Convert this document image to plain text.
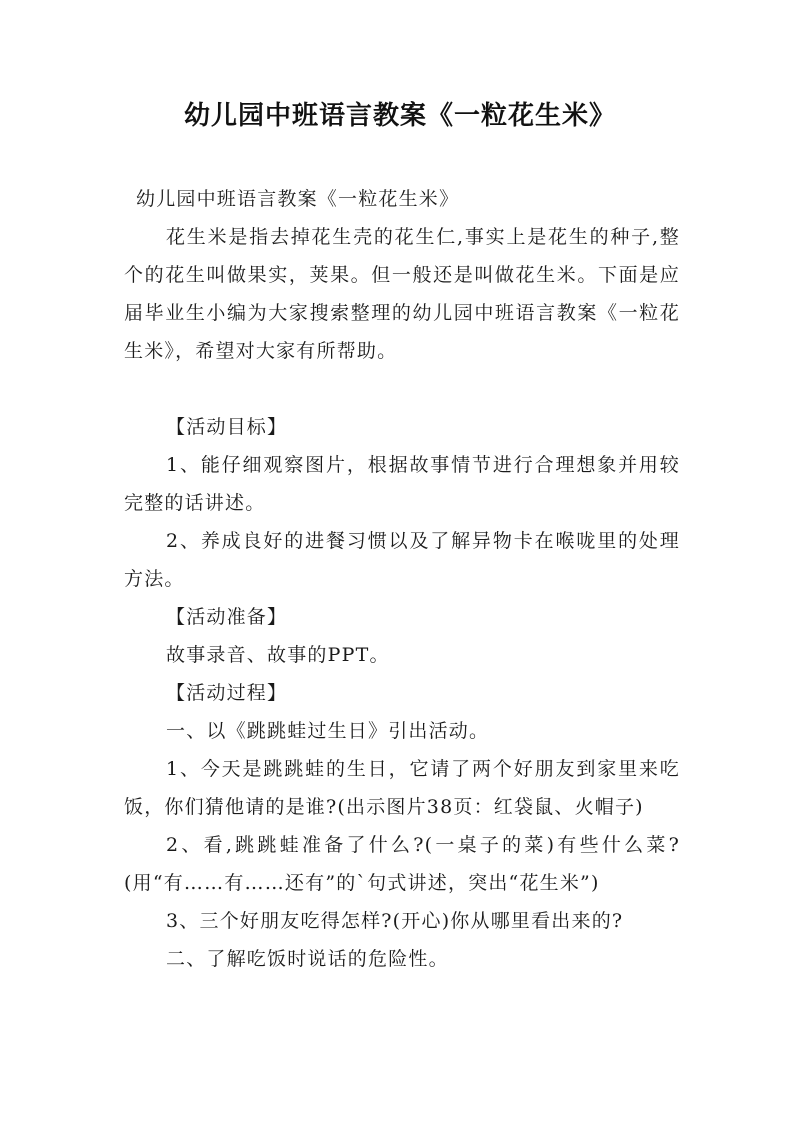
幼儿园中班语言教案《一粒花生米》

幼儿园中班语言教案《一粒花生米》

花生米是指去掉花生壳的花生仁,事实上是花生的种子,整个的花生叫做果实，荚果。但一般还是叫做花生米。下面是应届毕业生小编为大家搜索整理的幼儿园中班语言教案《一粒花生米》，希望对大家有所帮助。

【活动目标】

1、能仔细观察图片，根据故事情节进行合理想象并用较完整的话讲述。

2、养成良好的进餐习惯以及了解异物卡在喉咙里的处理方法。

【活动准备】

故事录音、故事的PPT。

【活动过程】

一、以《跳跳蛙过生日》引出活动。

1、今天是跳跳蛙的生日，它请了两个好朋友到家里来吃饭，你们猜他请的是谁?(出示图片38页：红袋鼠、火帽子)

2、看,跳跳蛙准备了什么?(一桌子的菜)有些什么菜?(用“有……有……还有”的`句式讲述，突出“花生米”)

3、三个好朋友吃得怎样?(开心)你从哪里看出来的?

二、了解吃饭时说话的危险性。
